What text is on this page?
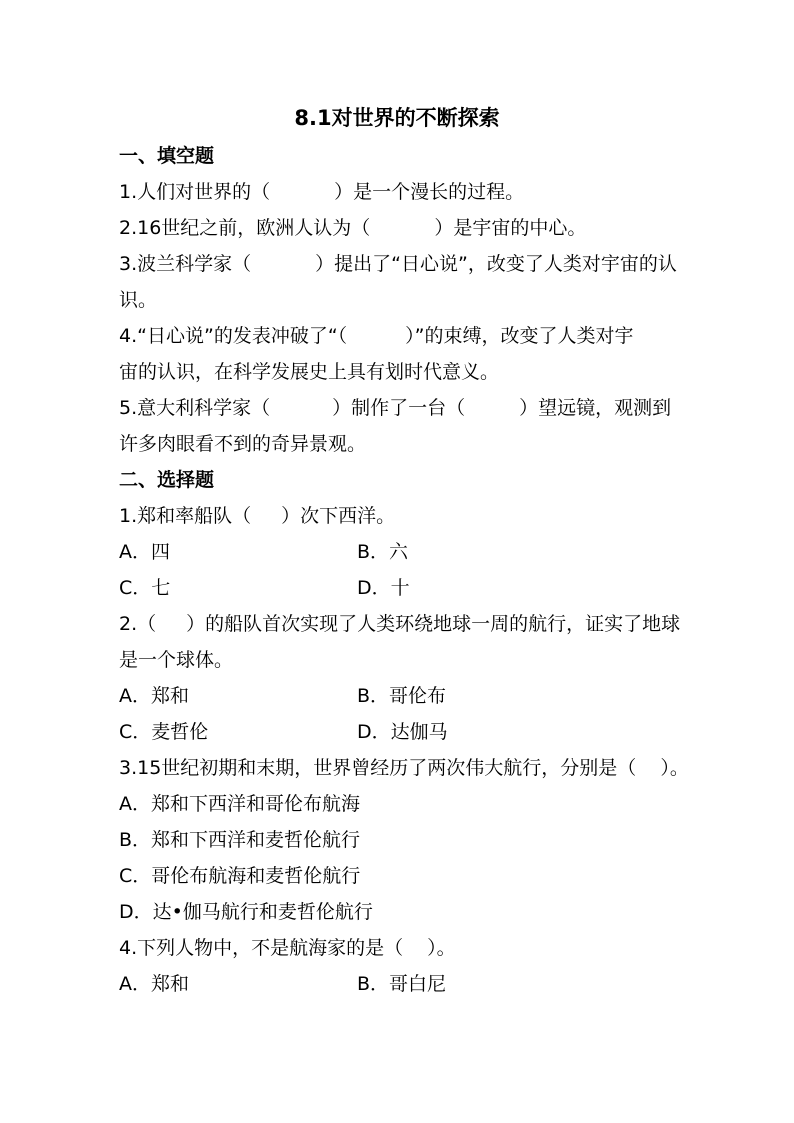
8.1对世界的不断探索
一、填空题
1.人们对世界的（	）是一个漫长的过程。
2.16世纪之前，欧洲人认为（	）是宇宙的中心。
3.波兰科学家（	）提出了“日心说”，改变了人类对宇宙的认
识。
4.“日心说”的发表冲破了“（	）”的束缚，改变了人类对宇
宙的认识，在科学发展史上具有划时代意义。
5.意大利科学家（	）制作了一台（	）望远镜，观测到
许多肉眼看不到的奇异景观。
二、选择题
1.郑和率船队（ ）次下西洋。
A．四	B．六
C．七	D．十
2.（ ）的船队首次实现了人类环绕地球一周的航行，证实了地球
是一个球体。
A．郑和	B．哥伦布
C．麦哲伦	D．达伽马
3.15世纪初期和末期，世界曾经历了两次伟大航行，分别是（ ）。
A．郑和下西洋和哥伦布航海
B．郑和下西洋和麦哲伦航行
C．哥伦布航海和麦哲伦航行
D．达•伽马航行和麦哲伦航行
4.下列人物中，不是航海家的是（ ）。
A．郑和	B．哥白尼
